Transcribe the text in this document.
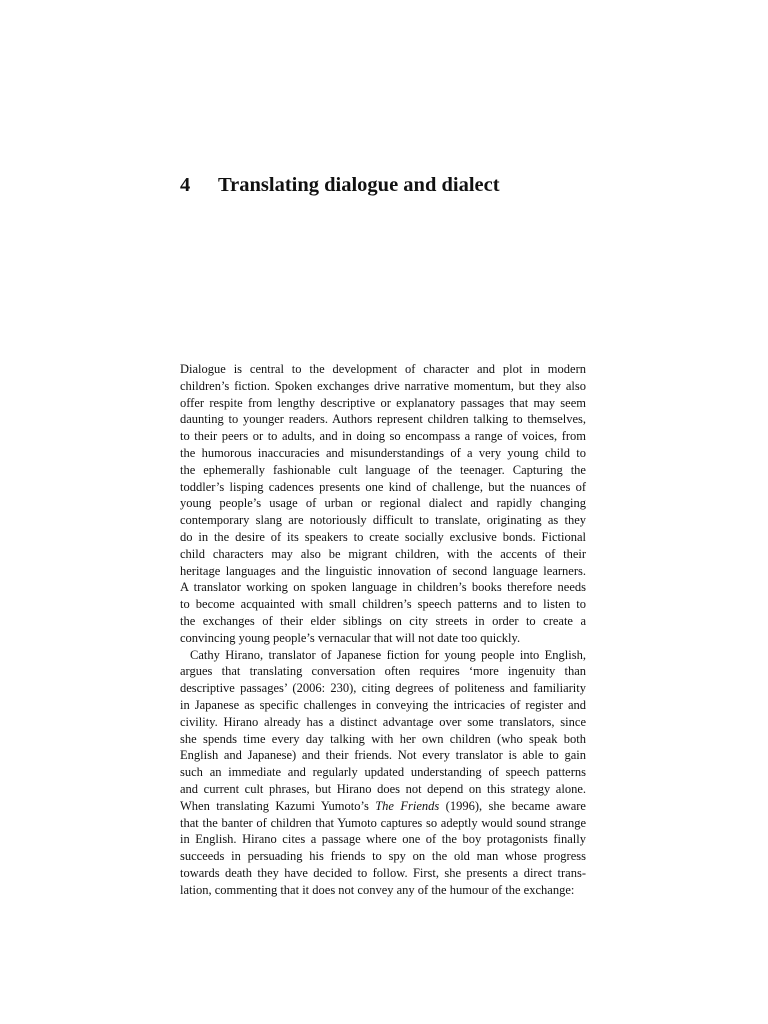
4	Translating dialogue and dialect

Dialogue is central to the development of character and plot in modern
children’s fiction. Spoken exchanges drive narrative momentum, but they also
offer respite from lengthy descriptive or explanatory passages that may seem
daunting to younger readers. Authors represent children talking to themselves,
to their peers or to adults, and in doing so encompass a range of voices, from
the humorous inaccuracies and misunderstandings of a very young child to
the ephemerally fashionable cult language of the teenager. Capturing the
toddler’s lisping cadences presents one kind of challenge, but the nuances of
young people’s usage of urban or regional dialect and rapidly changing
contemporary slang are notoriously difficult to translate, originating as they
do in the desire of its speakers to create socially exclusive bonds. Fictional
child characters may also be migrant children, with the accents of their
heritage languages and the linguistic innovation of second language learners.
A translator working on spoken language in children’s books therefore needs
to become acquainted with small children’s speech patterns and to listen to
the exchanges of their elder siblings on city streets in order to create a
convincing young people’s vernacular that will not date too quickly.

Cathy Hirano, translator of Japanese fiction for young people into English,
argues that translating conversation often requires ‘more ingenuity than
descriptive passages’ (2006: 230), citing degrees of politeness and familiarity
in Japanese as specific challenges in conveying the intricacies of register and
civility. Hirano already has a distinct advantage over some translators, since
she spends time every day talking with her own children (who speak both
English and Japanese) and their friends. Not every translator is able to gain
such an immediate and regularly updated understanding of speech patterns
and current cult phrases, but Hirano does not depend on this strategy alone.
When translating Kazumi Yumoto’s The Friends (1996), she became aware
that the banter of children that Yumoto captures so adeptly would sound strange
in English. Hirano cites a passage where one of the boy protagonists finally
succeeds in persuading his friends to spy on the old man whose progress
towards death they have decided to follow. First, she presents a direct trans-
lation, commenting that it does not convey any of the humour of the exchange:
